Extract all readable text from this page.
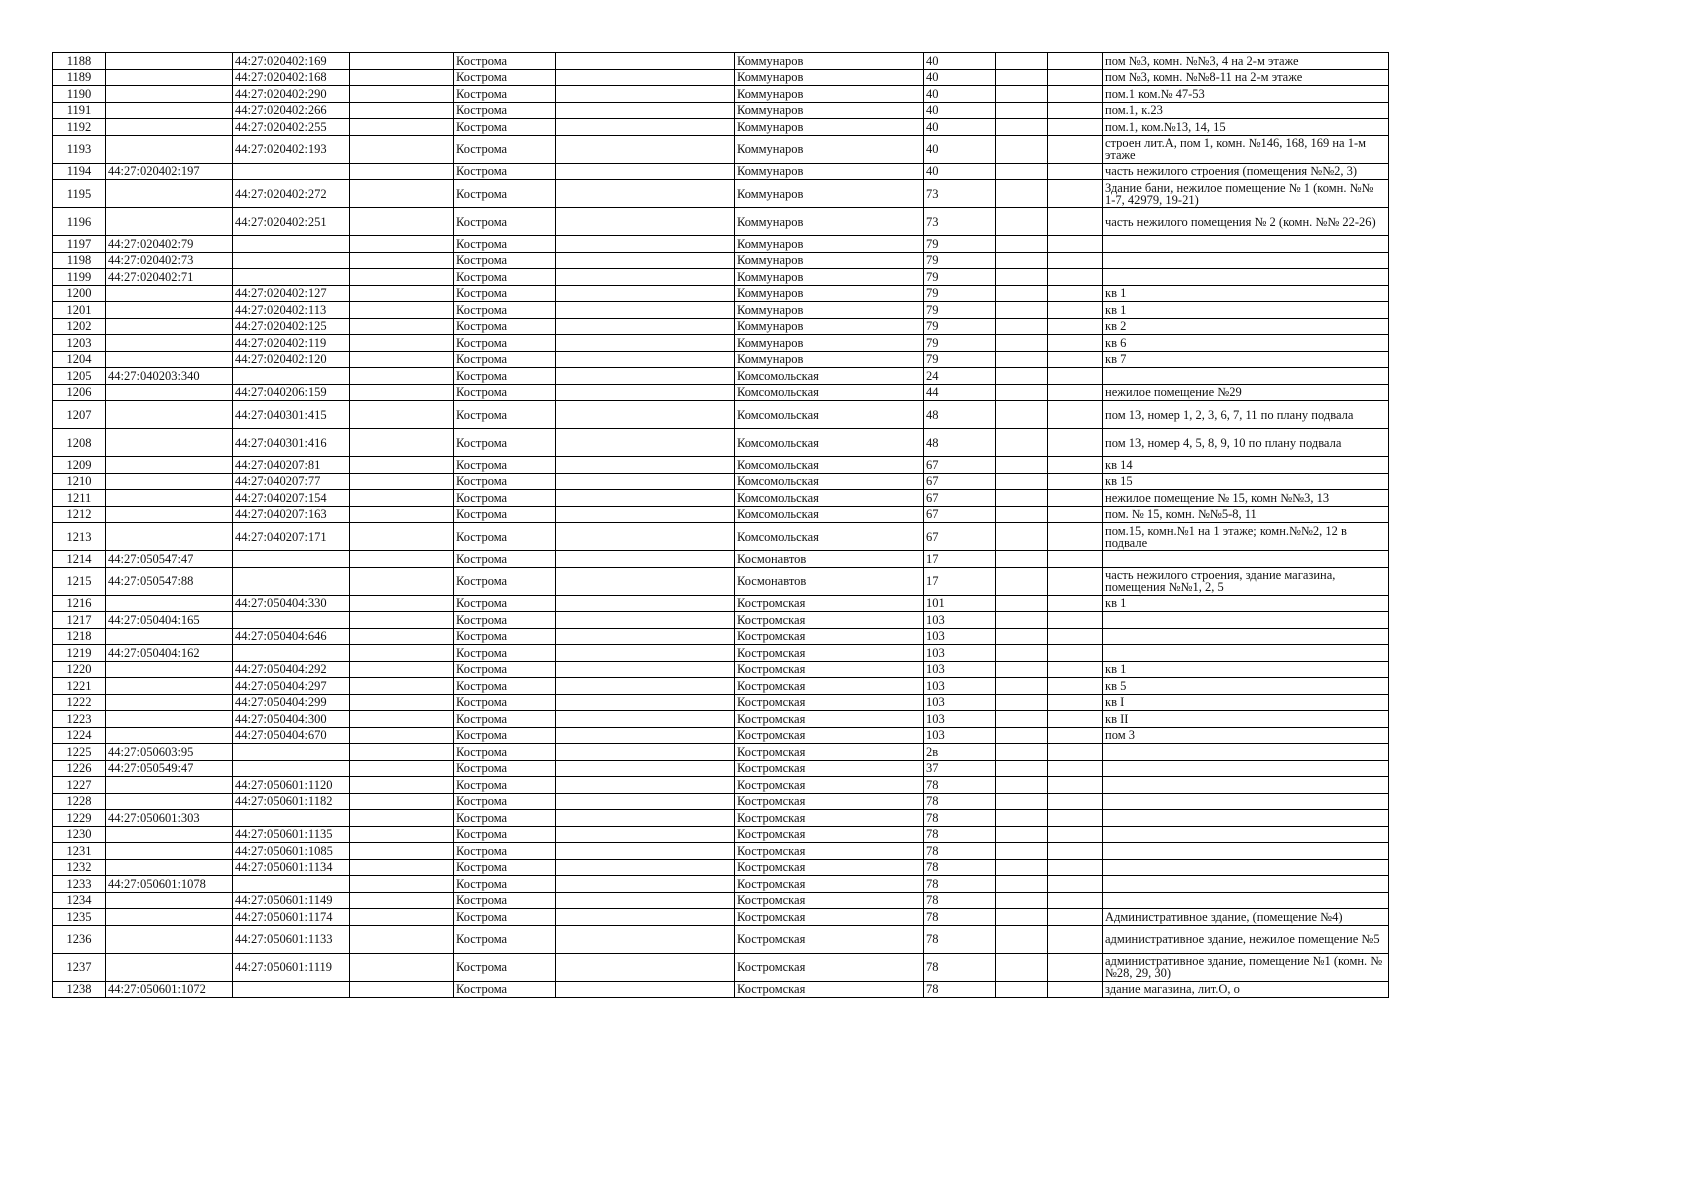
1188		44:27:020402:169		Кострома		Коммунаров	40			пом №3, комн. №№3, 4 на 2-м этаже
1189		44:27:020402:168		Кострома		Коммунаров	40			пом №3, комн. №№8-11 на 2-м этаже
1190		44:27:020402:290		Кострома		Коммунаров	40			пом.1 ком.№ 47-53
1191		44:27:020402:266		Кострома		Коммунаров	40			пом.1, к.23
1192		44:27:020402:255		Кострома		Коммунаров	40			пом.1, ком.№13, 14, 15
1193		44:27:020402:193		Кострома		Коммунаров	40			строен лит.А, пом 1, комн. №146, 168, 169 на 1-м этаже
1194	44:27:020402:197			Кострома		Коммунаров	40			часть нежилого строения (помещения №№2, 3)
1195		44:27:020402:272		Кострома		Коммунаров	73			Здание бани, нежилое помещение № 1 (комн. №№ 1-7, 42979, 19-21)
1196		44:27:020402:251		Кострома		Коммунаров	73			часть нежилого помещения № 2 (комн. №№ 22-26)
1197	44:27:020402:79			Кострома		Коммунаров	79			
1198	44:27:020402:73			Кострома		Коммунаров	79			
1199	44:27:020402:71			Кострома		Коммунаров	79			
1200		44:27:020402:127		Кострома		Коммунаров	79			кв 1
1201		44:27:020402:113		Кострома		Коммунаров	79			кв 1
1202		44:27:020402:125		Кострома		Коммунаров	79			кв 2
1203		44:27:020402:119		Кострома		Коммунаров	79			кв 6
1204		44:27:020402:120		Кострома		Коммунаров	79			кв 7
1205	44:27:040203:340			Кострома		Комсомольская	24			
1206		44:27:040206:159		Кострома		Комсомольская	44			нежилое помещение №29
1207		44:27:040301:415		Кострома		Комсомольская	48			пом 13, номер 1, 2, 3, 6, 7, 11 по плану подвала
1208		44:27:040301:416		Кострома		Комсомольская	48			пом 13, номер 4, 5, 8, 9, 10 по плану подвала
1209		44:27:040207:81		Кострома		Комсомольская	67			кв 14
1210		44:27:040207:77		Кострома		Комсомольская	67			кв 15
1211		44:27:040207:154		Кострома		Комсомольская	67			нежилое помещение № 15, комн №№3, 13
1212		44:27:040207:163		Кострома		Комсомольская	67			пом. № 15, комн. №№5-8, 11
1213		44:27:040207:171		Кострома		Комсомольская	67			пом.15, комн.№1 на 1 этаже; комн.№№2, 12 в подвале
1214	44:27:050547:47			Кострома		Космонавтов	17			
1215	44:27:050547:88			Кострома		Космонавтов	17			часть нежилого строения, здание магазина, помещения №№1, 2, 5
1216		44:27:050404:330		Кострома		Костромская	101			кв 1
1217	44:27:050404:165			Кострома		Костромская	103			
1218		44:27:050404:646		Кострома		Костромская	103			
1219	44:27:050404:162			Кострома		Костромская	103			
1220		44:27:050404:292		Кострома		Костромская	103			кв 1
1221		44:27:050404:297		Кострома		Костромская	103			кв 5
1222		44:27:050404:299		Кострома		Костромская	103			кв I
1223		44:27:050404:300		Кострома		Костромская	103			кв II
1224		44:27:050404:670		Кострома		Костромская	103			пом 3
1225	44:27:050603:95			Кострома		Костромская	2в			
1226	44:27:050549:47			Кострома		Костромская	37			
1227		44:27:050601:1120		Кострома		Костромская	78			
1228		44:27:050601:1182		Кострома		Костромская	78			
1229	44:27:050601:303			Кострома		Костромская	78			
1230		44:27:050601:1135		Кострома		Костромская	78			
1231		44:27:050601:1085		Кострома		Костромская	78			
1232		44:27:050601:1134		Кострома		Костромская	78			
1233	44:27:050601:1078			Кострома		Костромская	78			
1234		44:27:050601:1149		Кострома		Костромская	78			
1235		44:27:050601:1174		Кострома		Костромская	78			Административное здание, (помещение №4)
1236		44:27:050601:1133		Кострома		Костромская	78			административное здание, нежилое помещение №5
1237		44:27:050601:1119		Кострома		Костромская	78			административное здание, помещение №1 (комн. №№28, 29, 30)
1238	44:27:050601:1072			Кострома		Костромская	78			здание магазина, лит.О, о
